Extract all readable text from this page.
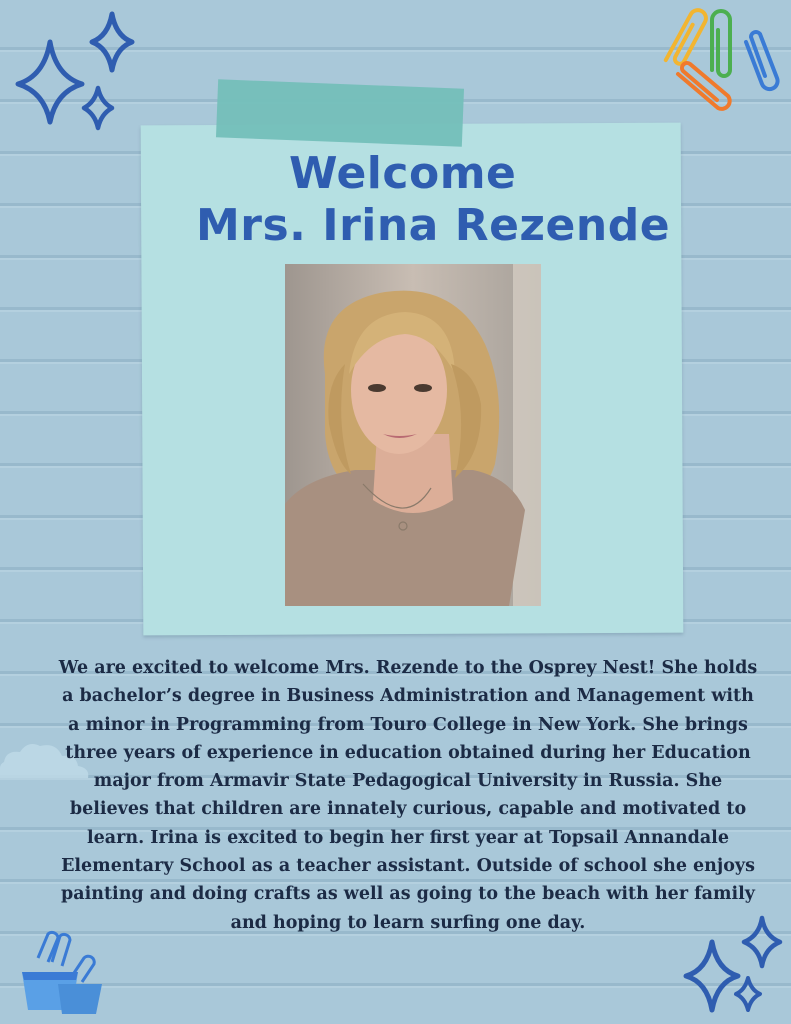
Welcome
Mrs. Irina Rezende

We are excited to welcome Mrs. Rezende to the Osprey Nest! She holds a bachelor’s degree in Business Administration and Management with a minor in Programming from Touro College in New York. She brings three years of experience in education obtained during her Education major from Armavir State Pedagogical University in Russia. She believes that children are innately curious, capable and motivated to learn. Irina is excited to begin her first year at Topsail Annandale Elementary School as a teacher assistant. Outside of school she enjoys painting and doing crafts as well as going to the beach with her family and hoping to learn surfing one day.
